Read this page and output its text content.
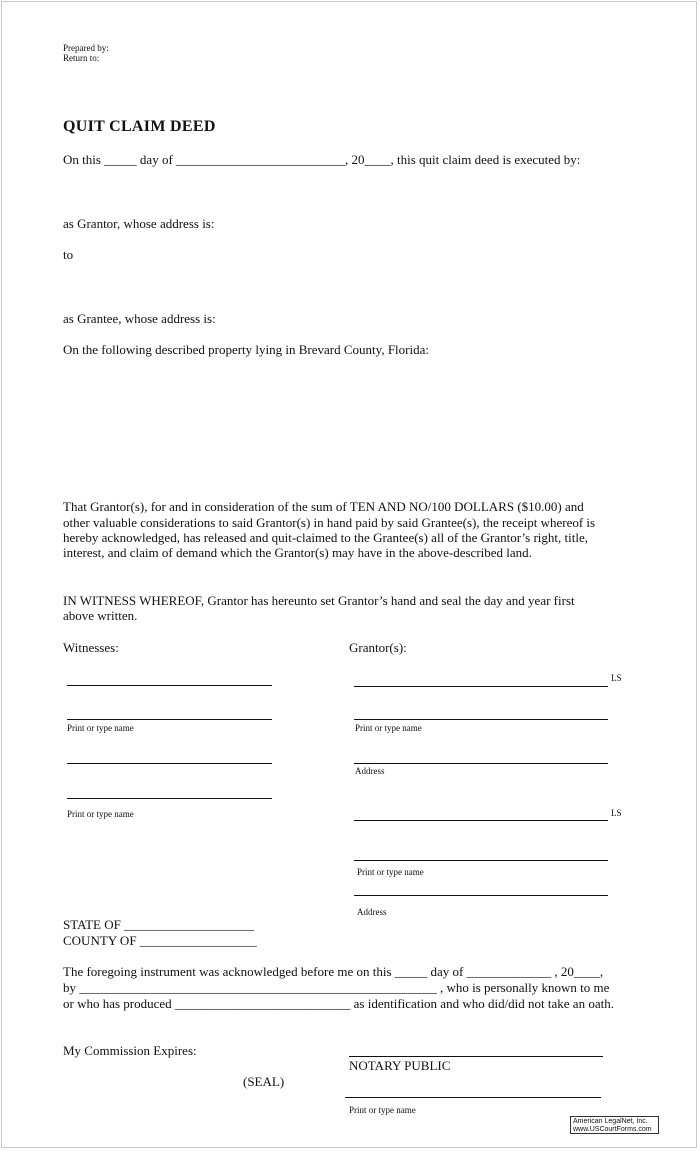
Prepared by:
Return to:
QUIT CLAIM DEED
On this _____ day of __________________________, 20____, this quit claim deed is executed by:
as Grantor, whose address is:
to
as Grantee, whose address is:
On the following described property lying in Brevard County, Florida:
That Grantor(s), for and in consideration of the sum of TEN AND NO/100 DOLLARS ($10.00) and
other valuable considerations to said Grantor(s) in hand paid by said Grantee(s), the receipt whereof is
hereby acknowledged, has released and quit-claimed to the Grantee(s) all of the Grantor’s right, title,
interest, and claim of demand which the Grantor(s) may have in the above-described land.
IN WITNESS WHEREOF, Grantor has hereunto set Grantor’s hand and seal the day and year first
above written.
Witnesses:	Grantor(s):
Print or type name
Print or type name
LS
Print or type name
Address
LS
Print or type name
Address
STATE OF ____________________
COUNTY OF __________________
The foregoing instrument was acknowledged before me on this _____ day of _____________ , 20____,
by _______________________________________________________ , who is personally known to me
or who has produced ___________________________ as identification and who did/did not take an oath.
My Commission Expires:
NOTARY PUBLIC
(SEAL)
Print or type name
American LegalNet, Inc.
www.USCourtForms.com
